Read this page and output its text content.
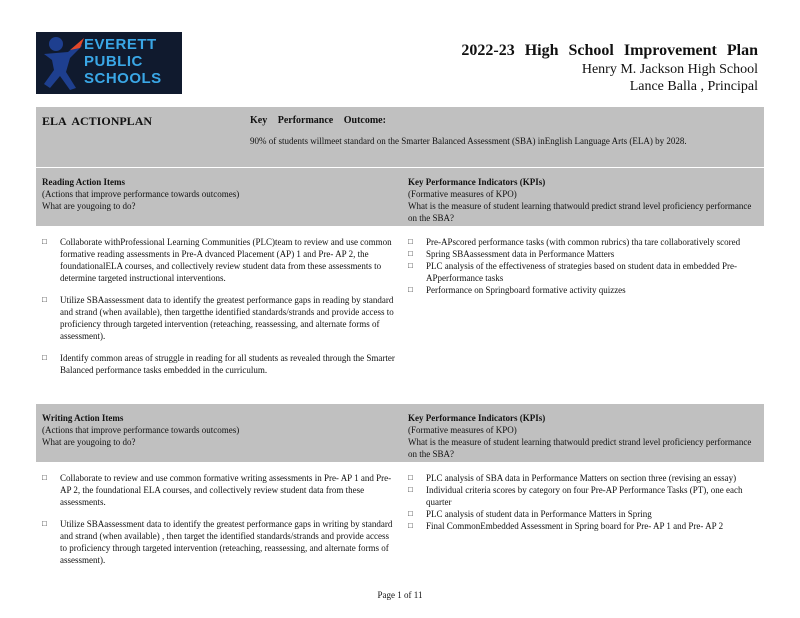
EVERETT
PUBLIC
SCHOOLS
2022-23 High School Improvement Plan
Henry M. Jackson High School
Lance Balla , Principal
ELA ACTIONPLAN	Key Performance Outcome:
90% of students willmeet standard on the Smarter Balanced Assessment (SBA) inEnglish Language Arts (ELA) by 2028.
Reading Action Items
(Actions that improve performance towards outcomes)
What are yougoing to do?
Key Performance Indicators (KPIs)
(Formative measures of KPO)
What is the measure of student learning thatwould predict strand level proficiency performance on the SBA?
□ Collaborate withProfessional Learning Communities (PLC)team to review and use common formative reading assessments in Pre-A dvanced Placement (AP) 1 and Pre- AP 2, the foundationalELA courses, and collectively review student data from these assessments to determine targeted instructional interventions.
□ Utilize SBAassessment data to identify the greatest performance gaps in reading by standard and strand (when available), then targetthe identified standards/strands and provide access to proficiency through targeted intervention (reteaching, reassessing, and alternate forms of assessment).
□ Identify common areas of struggle in reading for all students as revealed through the Smarter Balanced performance tasks embedded in the curriculum.
□ Pre-APscored performance tasks (with common rubrics) tha tare collaboratively scored
□ Spring SBAassessment data in Performance Matters
□ PLC analysis of the effectiveness of strategies based on student data in embedded Pre-APperformance tasks
□ Performance on Springboard formative activity quizzes
Writing Action Items
(Actions that improve performance towards outcomes)
What are yougoing to do?
Key Performance Indicators (KPIs)
(Formative measures of KPO)
What is the measure of student learning thatwould predict strand level proficiency performance on the SBA?
□ Collaborate to review and use common formative writing assessments in Pre- AP 1 and Pre- AP 2, the foundational ELA courses, and collectively review student data from these assessments.
□ Utilize SBAassessment data to identify the greatest performance gaps in writing by standard and strand (when available) , then target the identified standards/strands and provide access to proficiency through targeted intervention (reteaching, reassessing, and alternate forms of assessment).
□ PLC analysis of SBA data in Performance Matters on section three (revising an essay)
□ Individual criteria scores by category on four Pre-AP Performance Tasks (PT), one each quarter
□ PLC analysis of student data in Performance Matters in Spring
□ Final CommonEmbedded Assessment in Spring board for Pre- AP 1 and Pre- AP 2
Page 1 of 11
